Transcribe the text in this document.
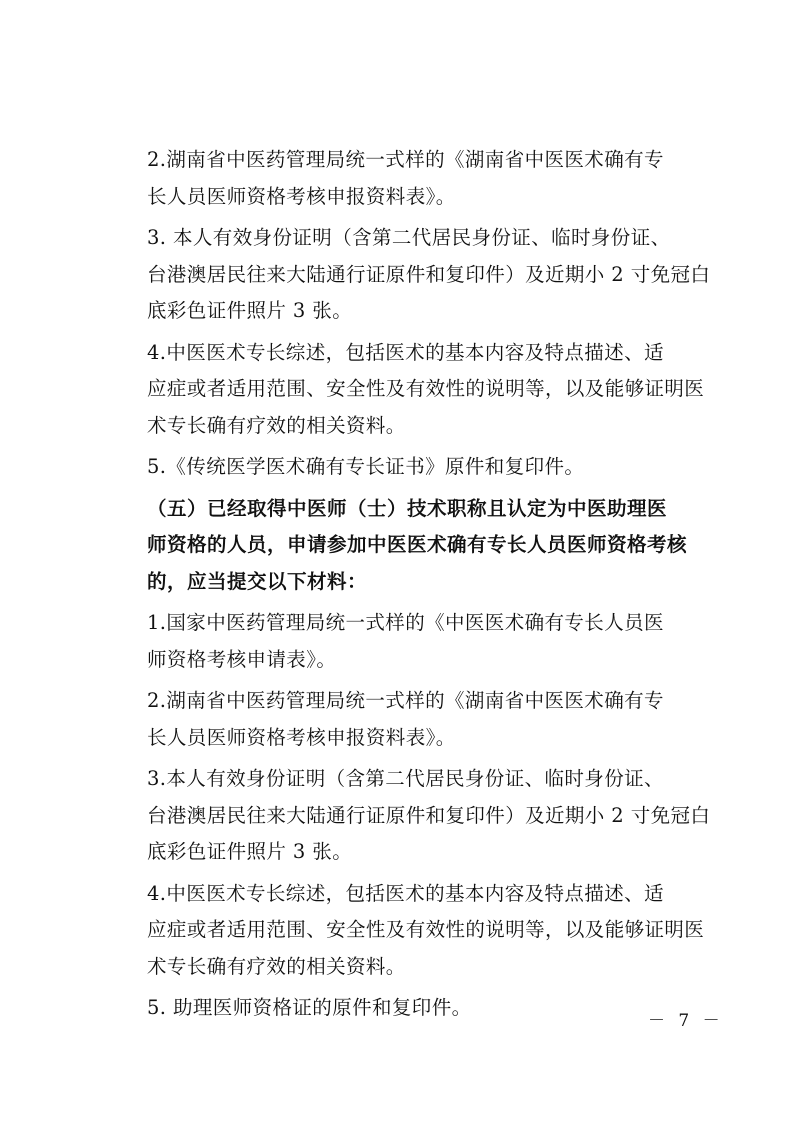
2.湖南省中医药管理局统一式样的《湖南省中医医术确有专
长人员医师资格考核申报资料表》。

3. 本人有效身份证明（含第二代居民身份证、临时身份证、
台港澳居民往来大陆通行证原件和复印件）及近期小 2 寸免冠白
底彩色证件照片 3 张。

4.中医医术专长综述，包括医术的基本内容及特点描述、适
应症或者适用范围、安全性及有效性的说明等，以及能够证明医
术专长确有疗效的相关资料。

5.《传统医学医术确有专长证书》原件和复印件。

（五）已经取得中医师（士）技术职称且认定为中医助理医
师资格的人员，申请参加中医医术确有专长人员医师资格考核
的，应当提交以下材料：

1.国家中医药管理局统一式样的《中医医术确有专长人员医
师资格考核申请表》。

2.湖南省中医药管理局统一式样的《湖南省中医医术确有专
长人员医师资格考核申报资料表》。

3.本人有效身份证明（含第二代居民身份证、临时身份证、
台港澳居民往来大陆通行证原件和复印件）及近期小 2 寸免冠白
底彩色证件照片 3 张。

4.中医医术专长综述，包括医术的基本内容及特点描述、适
应症或者适用范围、安全性及有效性的说明等，以及能够证明医
术专长确有疗效的相关资料。

5. 助理医师资格证的原件和复印件。

－ 7 －
